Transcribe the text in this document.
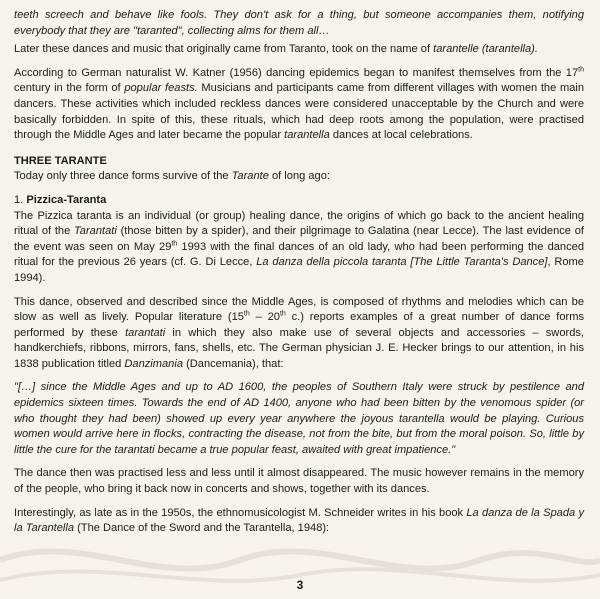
teeth screech and behave like fools. They don't ask for a thing, but someone accompanies them, notifying everybody that they are "taranted", collecting alms for them all…

Later these dances and music that originally came from Taranto, took on the name of tarantelle (tarantella).

According to German naturalist W. Katner (1956) dancing epidemics began to manifest themselves from the 17th century in the form of popular feasts. Musicians and participants came from different villages with women the main dancers. These activities which included reckless dances were considered unacceptable by the Church and were basically forbidden. In spite of this, these rituals, which had deep roots among the population, were practised through the Middle Ages and later became the popular tarantella dances at local celebrations.

THREE TARANTE

Today only three dance forms survive of the Tarante of long ago:

1. Pizzica-Taranta

The Pizzica taranta is an individual (or group) healing dance, the origins of which go back to the ancient healing ritual of the Tarantati (those bitten by a spider), and their pilgrimage to Galatina (near Lecce). The last evidence of the event was seen on May 29th 1993 with the final dances of an old lady, who had been performing the danced ritual for the previous 26 years (cf. G. Di Lecce, La danza della piccola taranta [The Little Taranta's Dance], Rome 1994).

This dance, observed and described since the Middle Ages, is composed of rhythms and melodies which can be slow as well as lively. Popular literature (15th – 20th c.) reports examples of a great number of dance forms performed by these tarantati in which they also make use of several objects and accessories – swords, handkerchiefs, ribbons, mirrors, fans, shells, etc. The German physician J. E. Hecker brings to our attention, in his 1838 publication titled Danzimania (Dancemania), that:

"[…] since the Middle Ages and up to AD 1600, the peoples of Southern Italy were struck by pestilence and epidemics sixteen times. Towards the end of AD 1400, anyone who had been bitten by the venomous spider (or who thought they had been) showed up every year anywhere the joyous tarantella would be playing. Curious women would arrive here in flocks, contracting the disease, not from the bite, but from the moral poison. So, little by little the cure for the tarantati became a true popular feast, awaited with great impatience."

The dance then was practised less and less until it almost disappeared. The music however remains in the memory of the people, who bring it back now in concerts and shows, together with its dances.

Interestingly, as late as in the 1950s, the ethnomusicologist M. Schneider writes in his book La danza de la Spada y la Tarantella (The Dance of the Sword and the Tarantella, 1948):

3
